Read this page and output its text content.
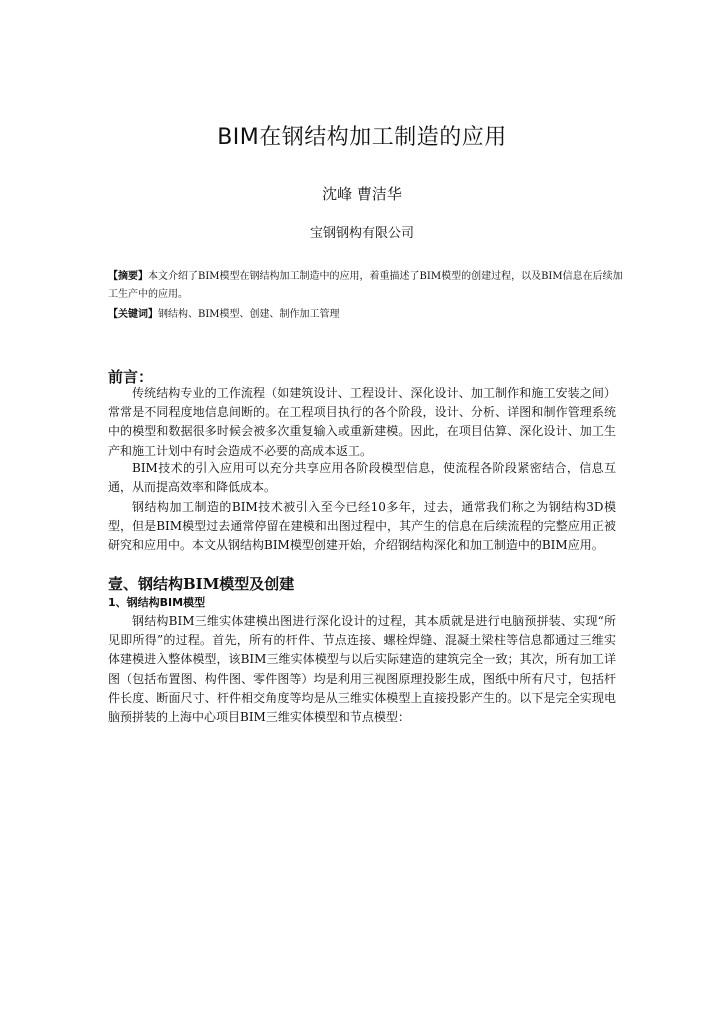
BIM在钢结构加工制造的应用
沈峰 曹洁华
宝钢钢构有限公司

【摘要】本文介绍了BIM模型在钢结构加工制造中的应用，着重描述了BIM模型的创建过程，以及BIM信息在后续加工生产中的应用。

【关键词】钢结构、BIM模型、创建、制作加工管理

前言：

传统结构专业的工作流程（如建筑设计、工程设计、深化设计、加工制作和施工安装之间）常常是不同程度地信息间断的。在工程项目执行的各个阶段，设计、分析、详图和制作管理系统中的模型和数据很多时候会被多次重复输入或重新建模。因此，在项目估算、深化设计、加工生产和施工计划中有时会造成不必要的高成本返工。

BIM技术的引入应用可以充分共享应用各阶段模型信息，使流程各阶段紧密结合，信息互通，从而提高效率和降低成本。

钢结构加工制造的BIM技术被引入至今已经10多年，过去，通常我们称之为钢结构3D模型，但是BIM模型过去通常停留在建模和出图过程中，其产生的信息在后续流程的完整应用正被研究和应用中。本文从钢结构BIM模型创建开始，介绍钢结构深化和加工制造中的BIM应用。

壹、钢结构BIM模型及创建
1、钢结构BIM模型

钢结构BIM三维实体建模出图进行深化设计的过程，其本质就是进行电脑预拼装、实现“所见即所得”的过程。首先，所有的杆件、节点连接、螺栓焊缝、混凝土梁柱等信息都通过三维实体建模进入整体模型，该BIM三维实体模型与以后实际建造的建筑完全一致；其次，所有加工详图（包括布置图、构件图、零件图等）均是利用三视图原理投影生成，图纸中所有尺寸，包括杆件长度、断面尺寸、杆件相交角度等均是从三维实体模型上直接投影产生的。以下是完全实现电脑预拼装的上海中心项目BIM三维实体模型和节点模型：
